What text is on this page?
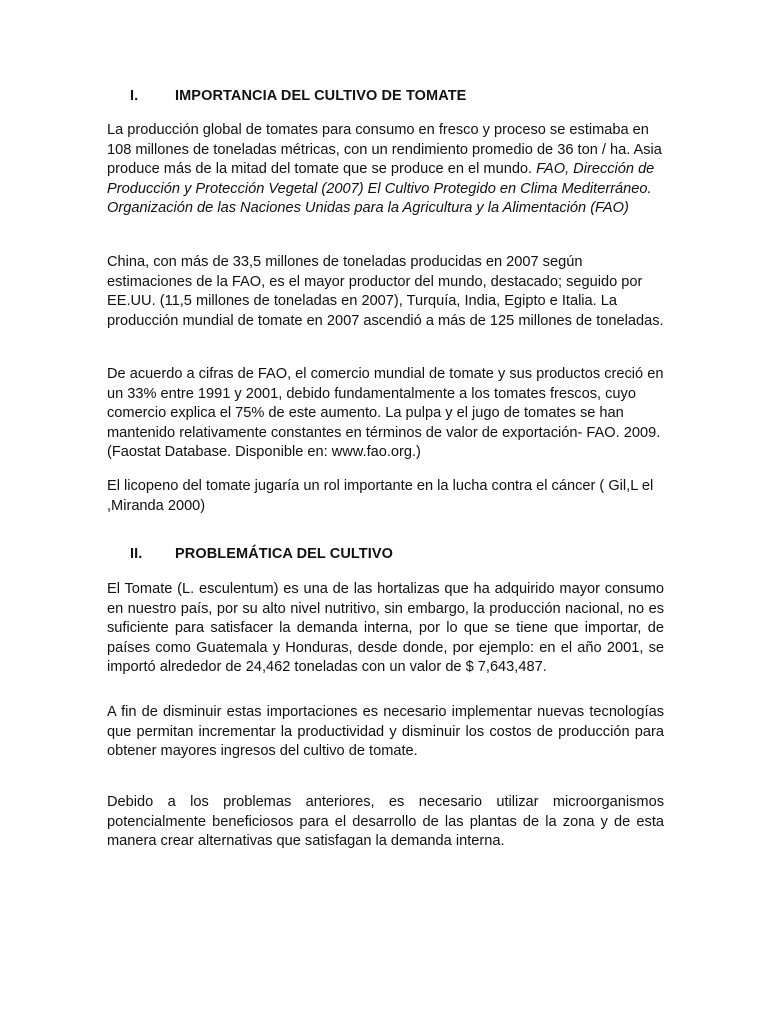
I.	IMPORTANCIA DEL CULTIVO DE TOMATE

La producción global de tomates para consumo en fresco y proceso se estimaba en 108 millones de toneladas métricas, con un rendimiento promedio de 36 ton / ha. Asia produce más de la mitad del tomate que se produce en el mundo. FAO, Dirección de Producción y Protección Vegetal (2007) El Cultivo Protegido en Clima Mediterráneo. Organización de las Naciones Unidas para la Agricultura y la Alimentación (FAO)

China, con más de 33,5 millones de toneladas producidas en 2007 según estimaciones de la FAO, es el mayor productor del mundo, destacado; seguido por EE.UU. (11,5 millones de toneladas en 2007), Turquía, India, Egipto e Italia. La producción mundial de tomate en 2007 ascendió a más de 125 millones de toneladas.

De acuerdo a cifras de FAO, el comercio mundial de tomate y sus productos creció en un 33% entre 1991 y 2001, debido fundamentalmente a los tomates frescos, cuyo comercio explica el 75% de este aumento. La pulpa y el jugo de tomates se han mantenido relativamente constantes en términos de valor de exportación- FAO. 2009. (Faostat Database. Disponible en: www.fao.org.)

El licopeno del tomate jugaría un rol importante en la lucha contra el cáncer ( Gil,L el ,Miranda 2000)

II. PROBLEMÁTICA DEL CULTIVO

El Tomate (L. esculentum) es una de las hortalizas que ha adquirido mayor consumo en nuestro país, por su alto nivel nutritivo, sin embargo, la producción nacional, no es suficiente para satisfacer la demanda interna, por lo que se tiene que importar, de países como Guatemala y Honduras, desde donde, por ejemplo: en el año 2001, se importó alrededor de 24,462 toneladas con un valor de $ 7,643,487.

A fin de disminuir estas importaciones es necesario implementar nuevas tecnologías que permitan incrementar la productividad y disminuir los costos de producción para obtener mayores ingresos del cultivo de tomate.

Debido a los problemas anteriores, es necesario utilizar microorganismos potencialmente beneficiosos para el desarrollo de las plantas de la zona y de esta manera crear alternativas que satisfagan la demanda interna.
